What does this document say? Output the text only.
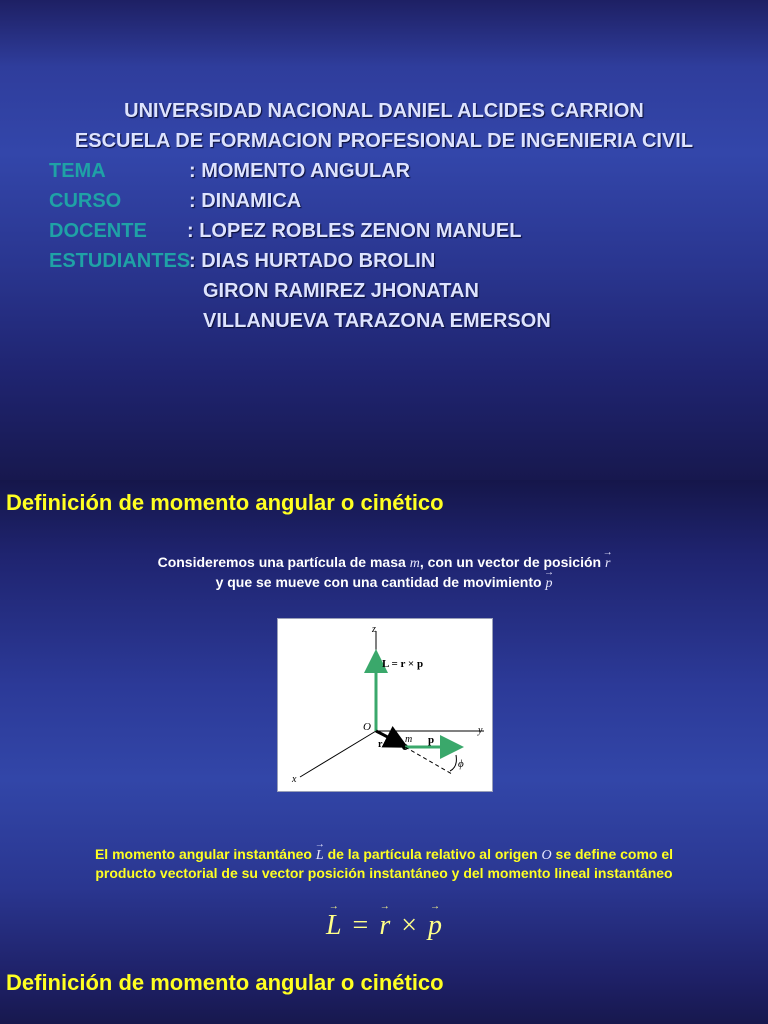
UNIVERSIDAD NACIONAL DANIEL ALCIDES CARRION
ESCUELA DE FORMACION PROFESIONAL DE INGENIERIA CIVIL
TEMA	: MOMENTO ANGULAR
CURSO	: DINAMICA
DOCENTE : LOPEZ ROBLES ZENON MANUEL
ESTUDIANTES
: DIAS HURTADO BROLIN
GIRON RAMIREZ JHONATAN
VILLANUEVA TARAZONA EMERSON
Definición de momento angular o cinético
Consideremos una partícula de masa m, con un vector de posición → r
y que se mueve con una cantidad de movimiento → p
z
y
x
O
L = r × p
r m p
ϕ
El momento angular instantáneo → L de la partícula relativo al origen O se define como el
producto vectorial de su vector posición instantáneo y del momento lineal instantáneo
→ L = → r × → p
Definición de momento angular o cinético
